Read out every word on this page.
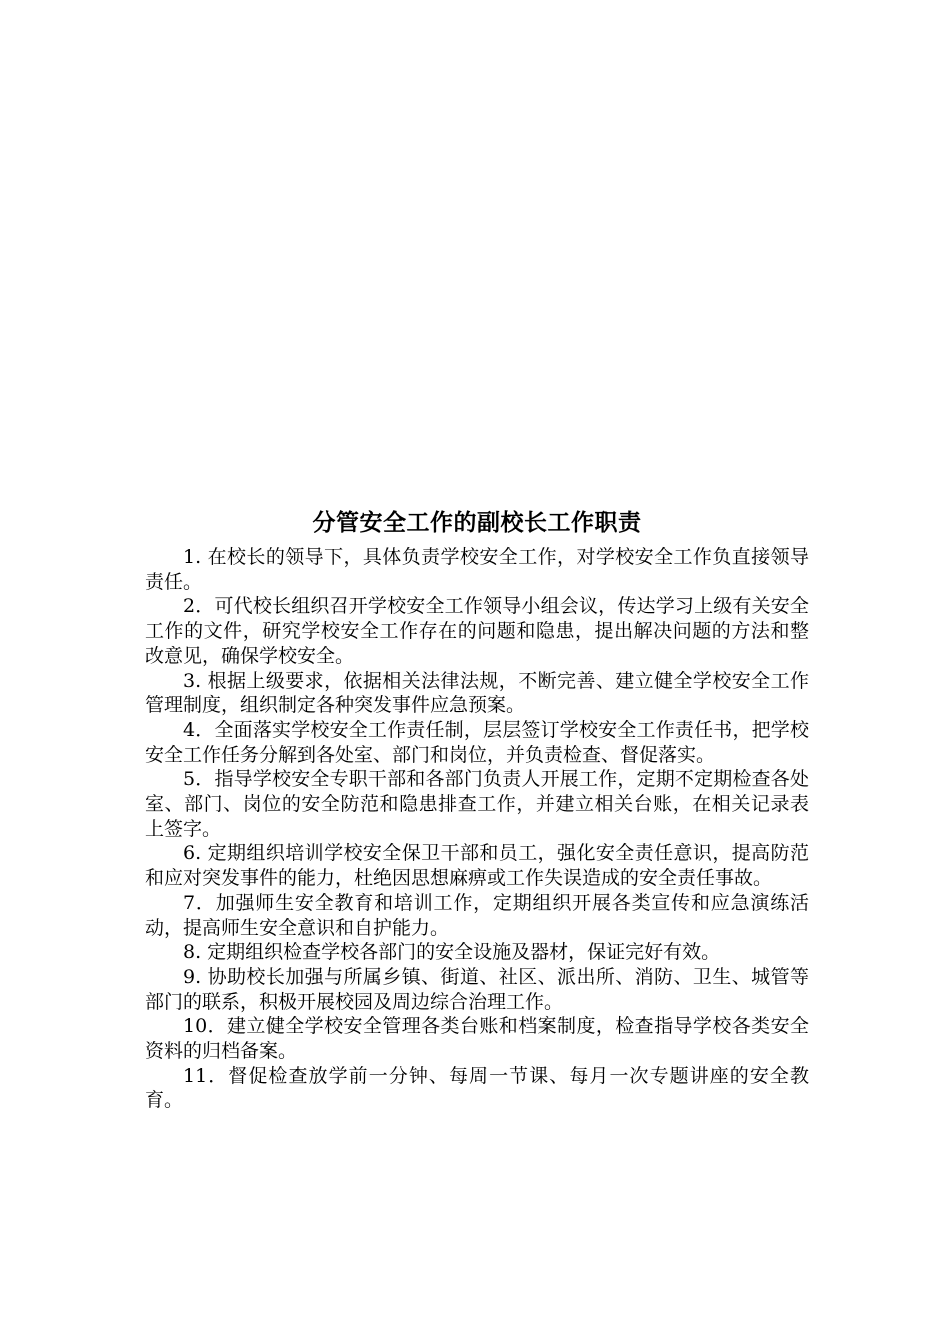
分管安全工作的副校长工作职责

1. 在校长的领导下，具体负责学校安全工作，对学校安全工作负直接领导责任。

2．可代校长组织召开学校安全工作领导小组会议，传达学习上级有关安全工作的文件，研究学校安全工作存在的问题和隐患，提出解决问题的方法和整改意见，确保学校安全。

3. 根据上级要求，依据相关法律法规，不断完善、建立健全学校安全工作管理制度，组织制定各种突发事件应急预案。

4．全面落实学校安全工作责任制，层层签订学校安全工作责任书，把学校安全工作任务分解到各处室、部门和岗位，并负责检查、督促落实。

5．指导学校安全专职干部和各部门负责人开展工作，定期不定期检查各处室、部门、岗位的安全防范和隐患排查工作，并建立相关台账，在相关记录表上签字。

6. 定期组织培训学校安全保卫干部和员工，强化安全责任意识，提高防范和应对突发事件的能力，杜绝因思想麻痹或工作失误造成的安全责任事故。

7．加强师生安全教育和培训工作，定期组织开展各类宣传和应急演练活动，提高师生安全意识和自护能力。

8. 定期组织检查学校各部门的安全设施及器材，保证完好有效。

9. 协助校长加强与所属乡镇、街道、社区、派出所、消防、卫生、城管等部门的联系，积极开展校园及周边综合治理工作。

10．建立健全学校安全管理各类台账和档案制度，检查指导学校各类安全资料的归档备案。

11．督促检查放学前一分钟、每周一节课、每月一次专题讲座的安全教育。
